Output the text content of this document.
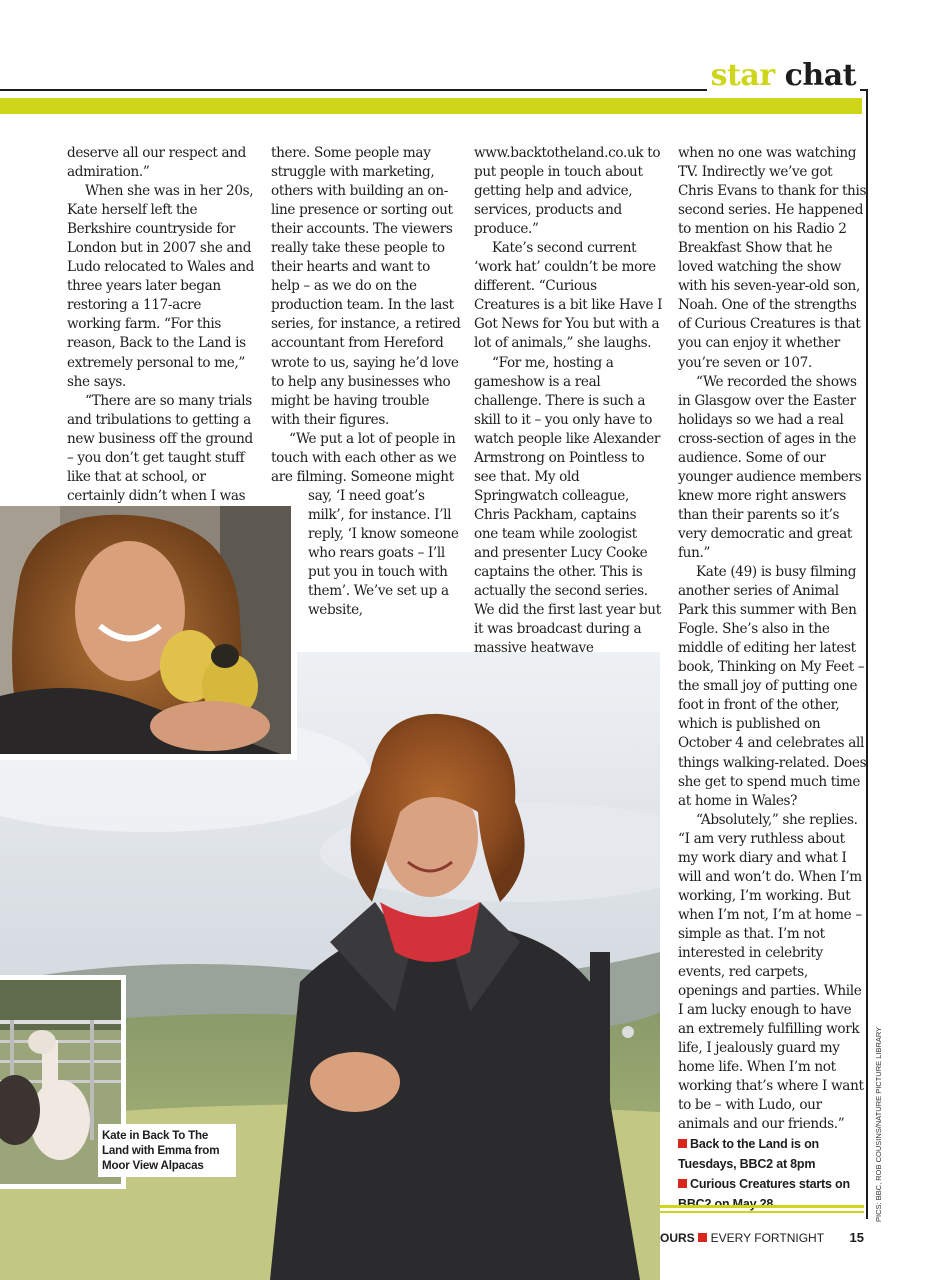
star chat

deserve all our respect and admiration.”

When she was in her 20s, Kate herself left the Berkshire countryside for London but in 2007 she and Ludo relocated to Wales and three years later began restoring a 117-acre working farm. “For this reason, Back to the Land is extremely personal to me,” she says.

“There are so many trials and tribulations to getting a new business off the ground – you don’t get taught stuff like that at school, or certainly didn’t when I was

there. Some people may struggle with marketing, others with building an on-line presence or sorting out their accounts. The viewers really take these people to their hearts and want to help – as we do on the production team. In the last series, for instance, a retired accountant from Hereford wrote to us, saying he’d love to help any businesses who might be having trouble with their figures.

“We put a lot of people in touch with each other as we are filming. Someone might

say, ‘I need goat’s milk’, for instance. I’ll reply, ‘I know someone who rears goats – I’ll put you in touch with them’. We’ve set up a website,

www.backtotheland.co.uk to put people in touch about getting help and advice, services, products and produce.”

Kate’s second current ‘work hat’ couldn’t be more different. “Curious Creatures is a bit like Have I Got News for You but with a lot of animals,” she laughs.

“For me, hosting a gameshow is a real challenge. There is such a skill to it – you only have to watch people like Alexander Armstrong on Pointless to see that. My old Springwatch colleague, Chris Packham, captains one team while zoologist and presenter Lucy Cooke captains the other. This is actually the second series. We did the first last year but it was broadcast during a massive heatwave

when no one was watching TV. Indirectly we’ve got Chris Evans to thank for this second series. He happened to mention on his Radio 2 Breakfast Show that he loved watching the show with his seven-year-old son, Noah. One of the strengths of Curious Creatures is that you can enjoy it whether you’re seven or 107.

“We recorded the shows in Glasgow over the Easter holidays so we had a real cross-section of ages in the audience. Some of our younger audience members knew more right answers than their parents so it’s very democratic and great fun.”

Kate (49) is busy filming another series of Animal Park this summer with Ben Fogle. She’s also in the middle of editing her latest book, Thinking on My Feet – the small joy of putting one foot in front of the other, which is published on October 4 and celebrates all things walking-related. Does she get to spend much time at home in Wales?

“Absolutely,” she replies. “I am very ruthless about my work diary and what I will and won’t do. When I’m working, I’m working. But when I’m not, I’m at home – simple as that. I’m not interested in celebrity events, red carpets, openings and parties. While I am lucky enough to have an extremely fulfilling work life, I jealously guard my home life. When I’m not working that’s where I want to be – with Ludo, our animals and our friends.”

Back to the Land is on Tuesdays, BBC2 at 8pm

Curious Creatures starts on

Kate in Back To The Land with Emma from Moor View Alpacas	PICS: BBC, ROB COUSINS/NATURE PICTURE LIBRARY
OURS EVERY FORTNIGHT 15
